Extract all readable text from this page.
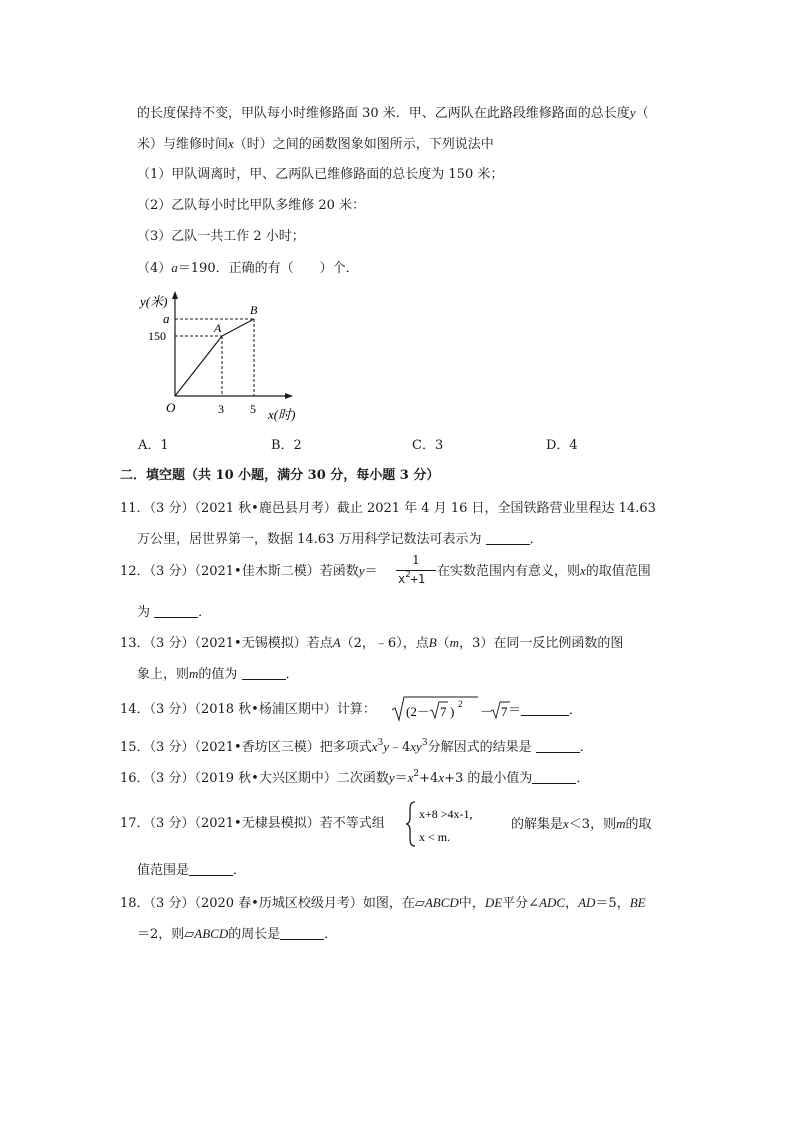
的长度保持不变，甲队每小时维修路面 30 米．甲、乙两队在此路段维修路面的总长度y（
米）与维修时间x（时）之间的函数图象如图所示，下列说法中
（1）甲队调离时，甲、乙两队已维修路面的总长度为 150 米；
（2）乙队每小时比甲队多维修 20 米：
（3）乙队一共工作 2 小时；
（4）a＝190．正确的有（　　）个．
y(米)
a
150
A
B
O	3 5 x(时)
A．1	B．2	C．3	D．4
二．填空题（共 10 小题，满分 30 分，每小题 3 分）
11．（3 分）（2021 秋•鹿邑县月考）截止 2021 年 4 月 16 日，全国铁路营业里程达 14.63
万公里，居世界第一，数据 14.63 万用科学记数法可表示为	．
12．（3 分）（2021•佳木斯二模）若函数y＝
1
$x^2+1$ 在实数范围内有意义，则x的取值范围
为	．
13．（3 分）（2021•无锡模拟）若点A（2，﹣6），点B（m，3）在同一反比例函数的图
象上，则m的值为	．
14．（3 分）（2018 秋•杨浦区期中）计算： (2－ 7 ) 2 － 7 ＝	．
15．（3 分）（2021•香坊区三模）把多项式$x^3y﹣4xy^3$分解因式的结果是	．
16．（3 分）（2019 秋•大兴区期中）二次函数$y=x^2+4x+3$ 的最小值为	．
17．（3 分）（2021•无棣县模拟）若不等式组
x+8 >4x-1,
x < m.
的解集是x＜3，则m的取
值范围是	．
18．（3 分）（2020 春•历城区校级月考）如图，在▱ABCD中，DE平分∠ADC，AD＝5，BE
＝2，则▱ABCD的周长是	．
